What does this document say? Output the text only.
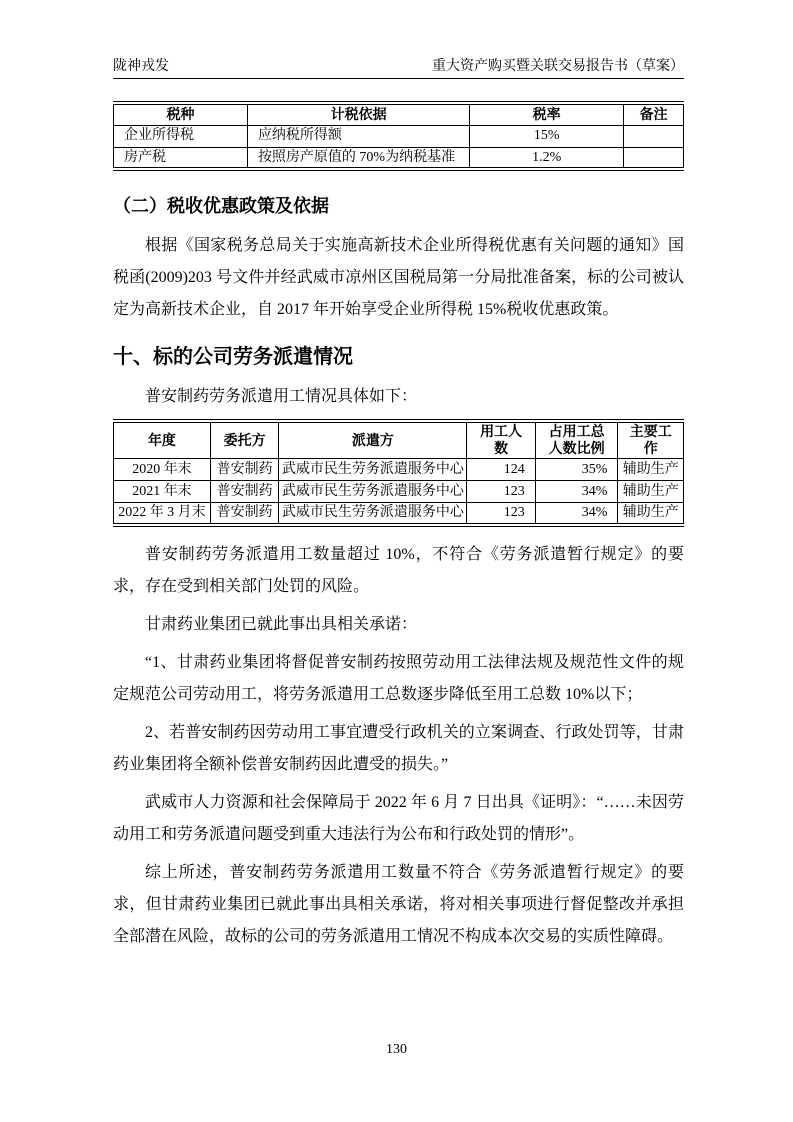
陇神戎发	重大资产购买暨关联交易报告书（草案）
税种	计税依据	税率	备注
企业所得税	应纳税所得额	15%	
房产税	按照房产原值的 70%为纳税基准	1.2%	
（二）税收优惠政策及依据

根据《国家税务总局关于实施高新技术企业所得税优惠有关问题的通知》国税函(2009)203 号文件并经武威市凉州区国税局第一分局批准备案，标的公司被认定为高新技术企业，自 2017 年开始享受企业所得税 15%税收优惠政策。

十、标的公司劳务派遣情况

普安制药劳务派遣用工情况具体如下：

年度	委托方	派遣方	用工人数	占用工总人数比例	主要工作
2020 年末	普安制药	武威市民生劳务派遣服务中心	124	35%	辅助生产
2021 年末	普安制药	武威市民生劳务派遣服务中心	123	34%	辅助生产
2022 年 3 月末	普安制药	武威市民生劳务派遣服务中心	123	34%	辅助生产

普安制药劳务派遣用工数量超过 10%，不符合《劳务派遣暂行规定》的要求，存在受到相关部门处罚的风险。

甘肃药业集团已就此事出具相关承诺：

“1、甘肃药业集团将督促普安制药按照劳动用工法律法规及规范性文件的规定规范公司劳动用工，将劳务派遣用工总数逐步降低至用工总数 10%以下；

2、若普安制药因劳动用工事宜遭受行政机关的立案调查、行政处罚等，甘肃药业集团将全额补偿普安制药因此遭受的损失。”

武威市人力资源和社会保障局于 2022 年 6 月 7 日出具《证明》：“……未因劳动用工和劳务派遣问题受到重大违法行为公布和行政处罚的情形”。

综上所述，普安制药劳务派遣用工数量不符合《劳务派遣暂行规定》的要求，但甘肃药业集团已就此事出具相关承诺，将对相关事项进行督促整改并承担全部潜在风险，故标的公司的劳务派遣用工情况不构成本次交易的实质性障碍。

130
